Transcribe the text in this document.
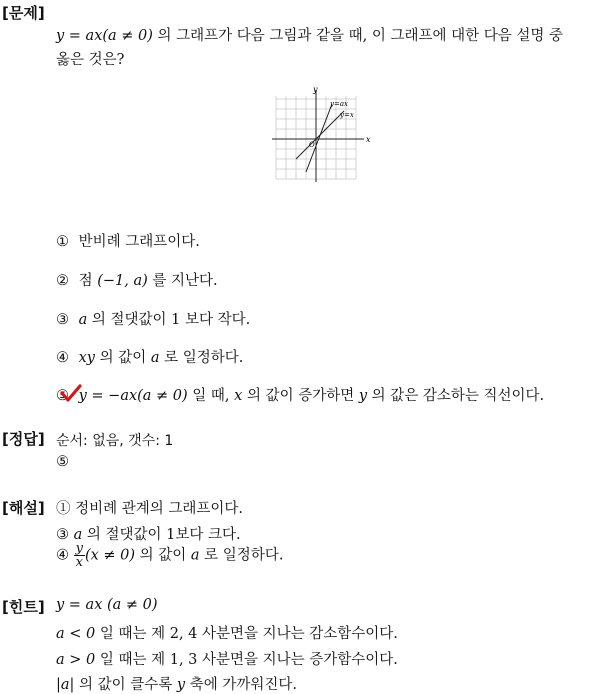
[문제]
y = ax(a ≠ 0) 의 그래프가 다음 그림과 같을 때, 이 그래프에 대한 다음 설명 중
옳은 것은?
x
y
O
y=ax
y=x
① 반비례 그래프이다.
② 점 (−1, a) 를 지난다.
③ a 의 절댓값이 1 보다 작다.
④ xy 의 값이 a 로 일정하다.
⑤ y = −ax(a ≠ 0) 일 때, x 의 값이 증가하면 y 의 값은 감소하는 직선이다.
[정답] 순서: 없음, 갯수: 1
⑤
[해설] ① 정비례 관계의 그래프이다.
③ a 의 절댓값이 1보다 크다.
④ $\frac{y}{x} (x \ne 0)$ 의 값이 a 로 일정하다.
[힌트] y = ax (a ≠ 0)
a < 0 일 때는 제 2, 4 사분면을 지나는 감소함수이다.
a > 0 일 때는 제 1, 3 사분면을 지나는 증가함수이다.
|a| 의 값이 클수록 y 축에 가까워진다.
